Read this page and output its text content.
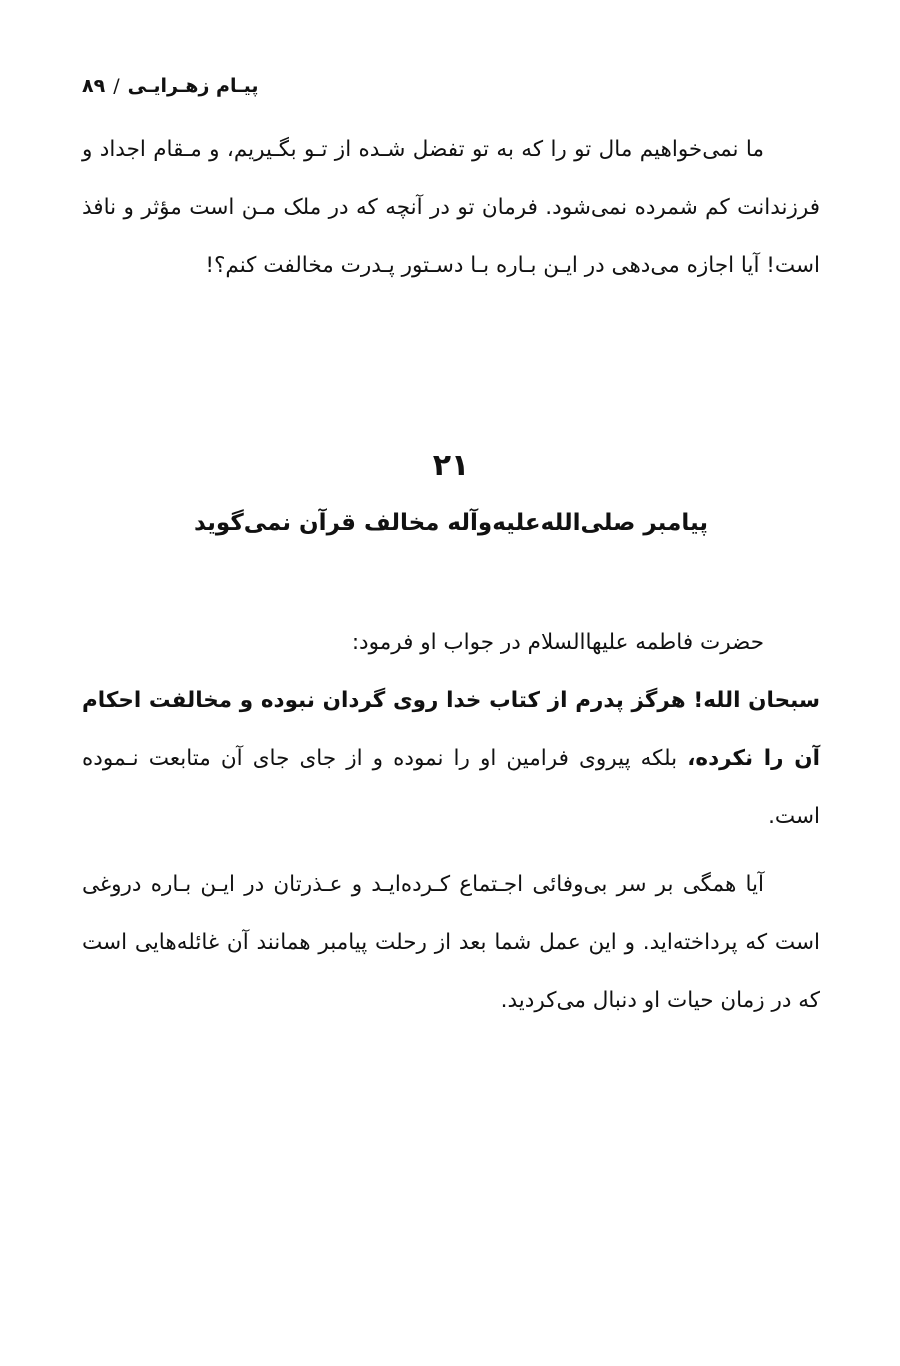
۸۹ / پیـام زهـرایـی

ما نمی‌خواهیم مال تو را که به تو تفضل شـده از تـو بگـیریم، و مـقام اجداد و فرزندانت کم شمرده نمی‌شود. فرمان تو در آنچه که در ملک مـن است مؤثر و نافذ است! آیا اجازه می‌دهی در ایـن بـاره بـا دسـتور پـدرت مخالفت کنم؟!

۲۱
پیامبر صلی‌الله‌علیه‌وآله مخالف قرآن نمی‌گوید
حضرت فاطمه علیهاالسلام در جواب او فرمود:
سبحان الله! هرگز پدرم از کتاب خدا روی گردان نبوده و مخالفت احکام آن را نکرده، بلکه پیروی فرامین او را نموده و از جای جای آن متابعت نـموده است.

آیا همگی بر سر بی‌وفائی اجـتماع کـرده‌ایـد و عـذرتان در ایـن بـاره دروغی است که پرداخته‌اید. و این عمل شما بعد از رحلت پیامبر همانند آن غائله‌هایی است که در زمان حیات او دنبال می‌کردید.
